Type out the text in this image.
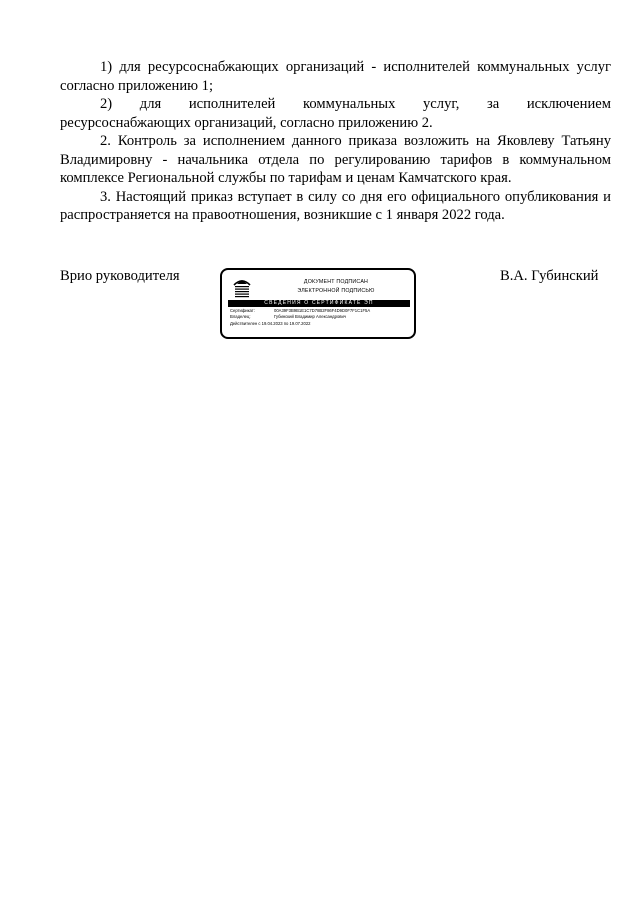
1) для ресурсоснабжающих организаций - исполнителей коммунальных услуг согласно приложению 1;

2) для исполнителей коммунальных услуг, за исключением

ресурсоснабжающих организаций, согласно приложению 2.

2. Контроль за исполнением данного приказа возложить на Яковлеву Татьяну Владимировну - начальника отдела по регулированию тарифов в коммунальном комплексе Региональной службы по тарифам и ценам Камчатского края.

3. Настоящий приказ вступает в силу со дня его официального опубликования и распространяется на правоотношения, возникшие с 1 января 2022 года.

Врио руководителя	ДОКУМЕНТ ПОДПИСАН
ЭЛЕКТРОННОЙ ПОДПИСЬЮ
СВЕДЕНИЯ О СЕРТИФИКАТЕ ЭП
Сертификат:	00A39F3B9B1E1C7D78B2F86F4D9D0F7F1C1F5A
Владелец:	Губинский Владимир Александрович
Действителен с 19.04.2023 по 19.07.2022
В.А. Губинский
